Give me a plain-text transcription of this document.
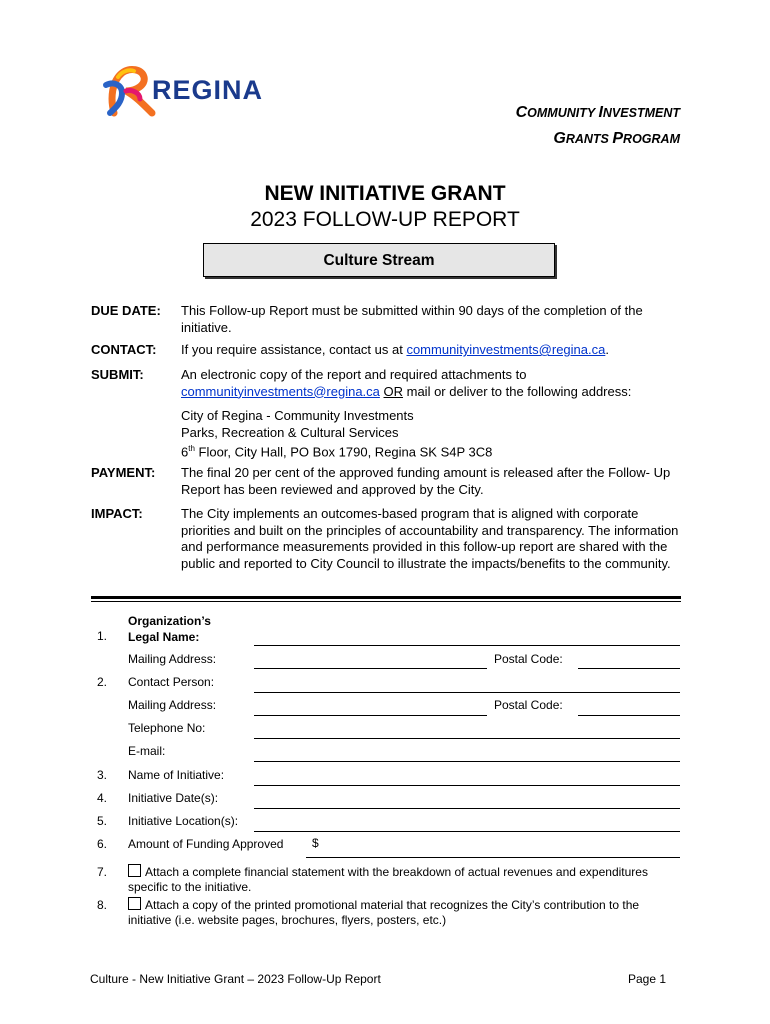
REGINA
COMMUNITY INVESTMENT
GRANTS PROGRAM
NEW INITIATIVE GRANT
2023 FOLLOW-UP REPORT
Culture Stream
DUE DATE: This Follow-up Report must be submitted within 90 days of the completion of the initiative.
CONTACT: If you require assistance, contact us at communityinvestments@regina.ca.
SUBMIT:	An electronic copy of the report and required attachments to
communityinvestments@regina.ca OR mail or deliver to the following address:
City of Regina - Community Investments
Parks, Recreation & Cultural Services
6th Floor, City Hall, PO Box 1790, Regina SK S4P 3C8
PAYMENT: The final 20 per cent of the approved funding amount is released after the Follow- Up Report has been reviewed and approved by the City.
IMPACT:	The City implements an outcomes-based program that is aligned with corporate priorities and built on the principles of accountability and transparency. The information and performance measurements provided in this follow-up report are shared with the public and reported to City Council to illustrate the impacts/benefits to the community.
Organization’s
Legal Name:
1.
Mailing Address:	Postal Code:
2. Contact Person:
Mailing Address:	Postal Code:
Telephone No:
E-mail:
3. Name of Initiative:
4. Initiative Date(s):
5. Initiative Location(s):
6. Amount of Funding Approved $
7.	Attach a complete financial statement with the breakdown of actual revenues and expenditures specific to the initiative.
8.	Attach a copy of the printed promotional material that recognizes the City’s contribution to the initiative (i.e. website pages, brochures, flyers, posters, etc.)
Culture - New Initiative Grant – 2023 Follow-Up Report	Page 1
